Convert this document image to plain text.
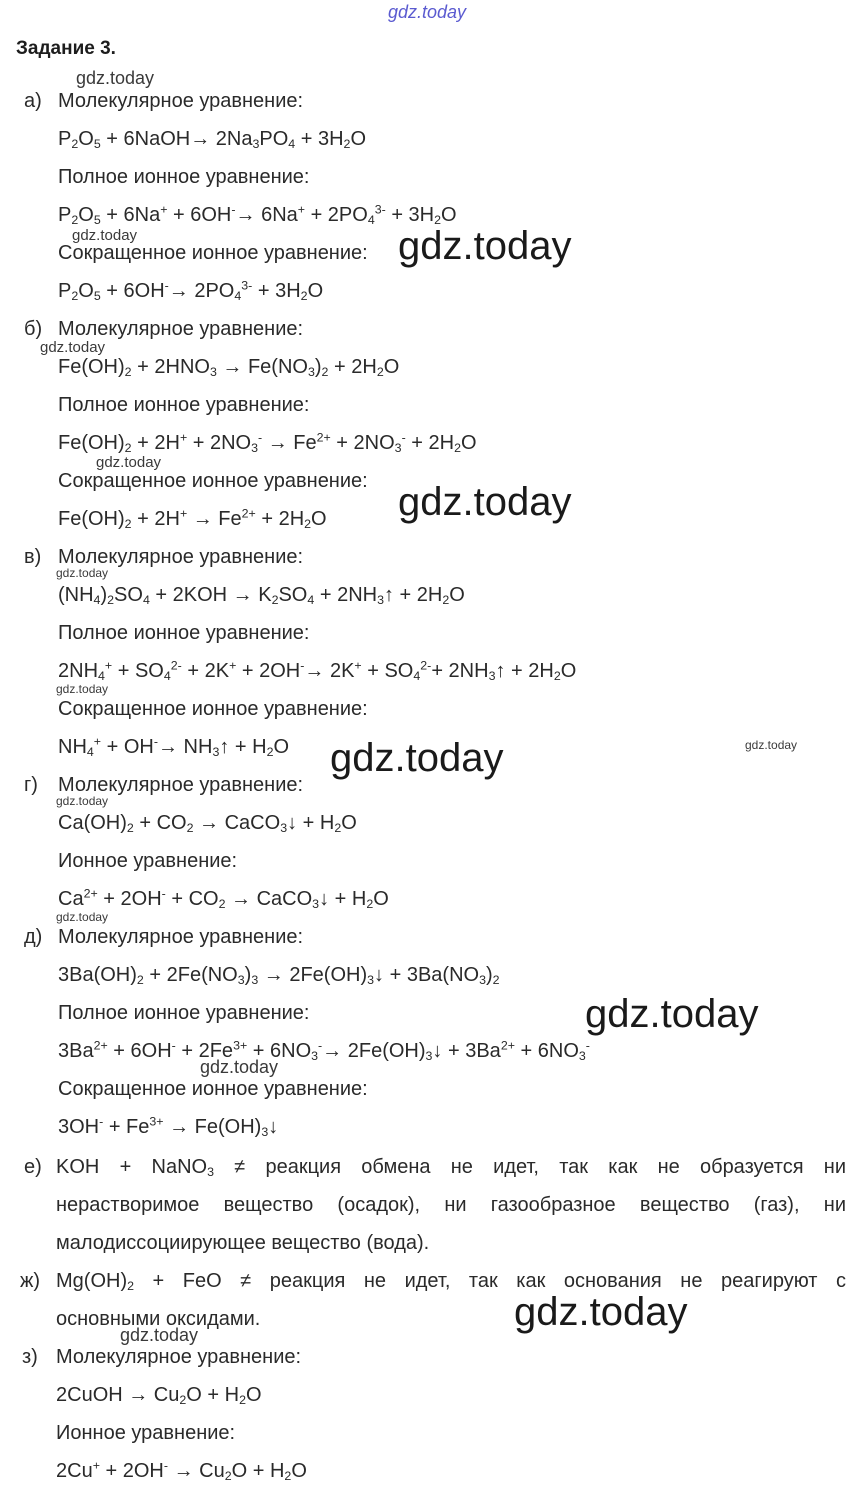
gdz.today
gdz.today
gdz.today	gdz.today
gdz.today
gdz.today
gdz.today
gdz.today
gdz.today
gdz.today
gdz.today
gdz.today
gdz.today
gdz.today
gdz.today
gdz.today
gdz.today
Задание 3.
а) Молекулярное уравнение:
$P_2O_5$ + 6NaOH→ $2Na_3PO_4 + 3H_2O$
Полное ионное уравнение:
$P_2O_5 + 6Na^+ + 6OH^-\to 6Na^+ + 2PO_4^{3-} + 3H_2O$
Сокращенное ионное уравнение:
$P_2O_5 + 6OH^-\to 2PO_4^{3-} + 3H_2O$
б) Молекулярное уравнение:
$Fe(OH)_2 + 2HNO_3 \to Fe(NO_3)_2 + 2H_2O$
Полное ионное уравнение:
$Fe(OH)_2 + 2H^+ + 2NO_3^- \to Fe^{2+} + 2NO_3^- + 2H_2O$
Сокращенное ионное уравнение:
$Fe(OH)_2 + 2H^+ \to Fe^{2+} + 2H_2O$
в) Молекулярное уравнение:
$(NH_4)_2SO_4 + 2KOH \to K_2SO_4$ + $2NH_3↑ + 2H_2O$
Полное ионное уравнение:
$2NH_4^+ + SO_4^{2-} + 2K^+ + 2OH^-\to 2K^+ + SO_4^{2-}+$ $2NH_3↑ + 2H_2O$
Сокращенное ионное уравнение:
$NH_4^+ + OH^-\to$ $NH_3↑ + H_2O$
г) Молекулярное уравнение:
$Ca(OH)_2 + CO_2$ → CaCO$_3$↓ + $H_2O$
Ионное уравнение:
$Ca^{2+} + 2OH^- + CO_2$ → CaCO$_3$↓ + $H_2O$
д) Молекулярное уравнение:
$3Ba(OH)_2 + 2Fe(NO_3)_3$ → $2Fe(OH)_3↓ + 3Ba(NO_3)_2$
Полное ионное уравнение:
$3Ba^{2+} + 6OH^- + 2Fe^{3+} + 6NO_3^-\to$ $2Fe(OH)_3↓ + 3Ba^{2+} + 6NO_3^-$
Сокращенное ионное уравнение:
$3OH^- + Fe^{3+}$ → $Fe(OH)_3↓$
е) KOH + NaNO$_3$ ≠ реакция обмена не идет, так как не образуется ни
нерастворимое вещество (осадок), ни газообразное вещество (газ), ни
малодиссоциирующее вещество (вода).
ж) $Mg(OH)_2$ + FeO ≠ реакция не идет, так как основания не реагируют с
основными оксидами.
з) Молекулярное уравнение:
2CuOH → $Cu_2O + H_2O$
Ионное уравнение:
$2Cu^+ + 2OH^- \to Cu_2O + H_2O$
